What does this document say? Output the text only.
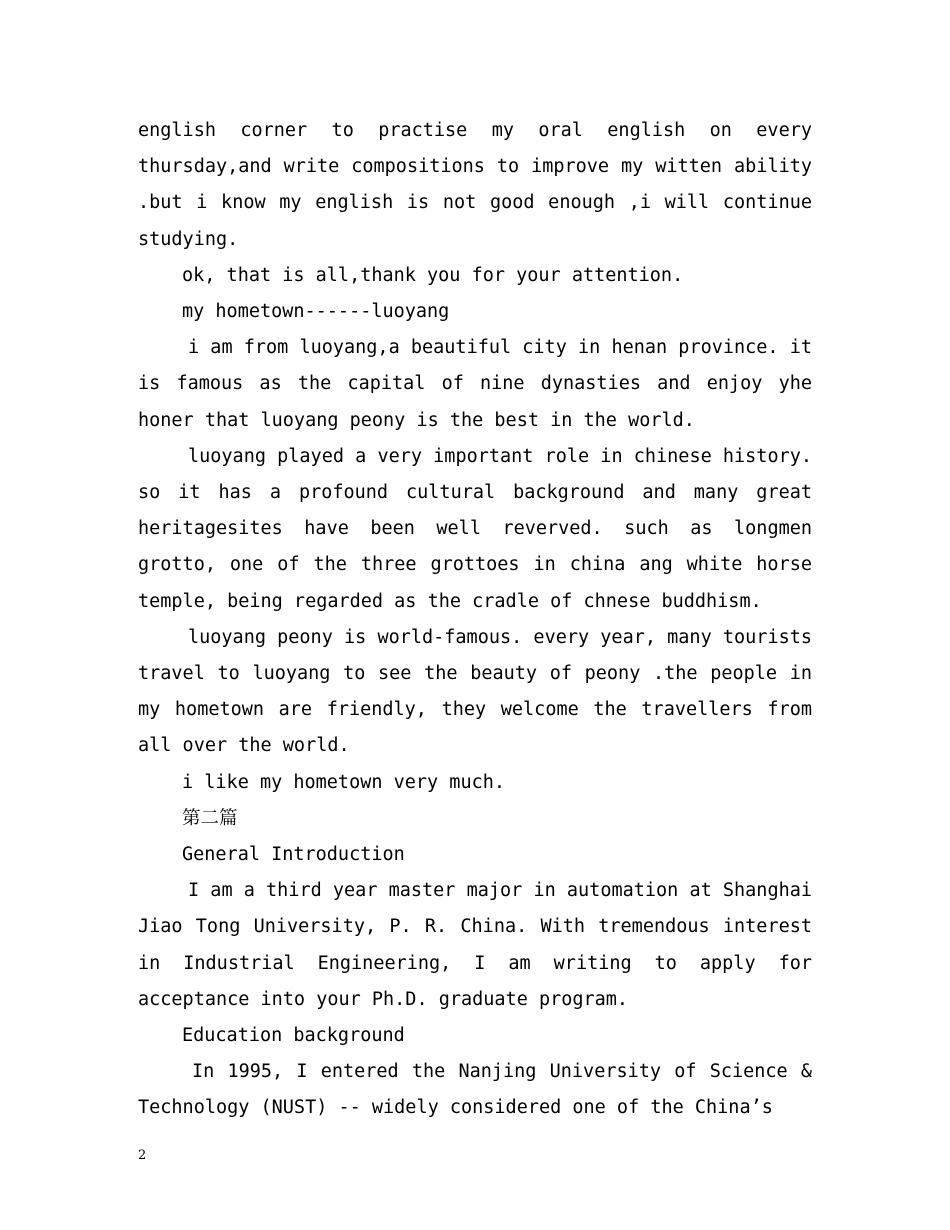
english corner to practise my oral english on every thursday,and write compositions to improve my witten ability .but i know my english is not good enough ,i will continue studying.

ok, that is all,thank you for your attention.

my hometown------luoyang

i am from luoyang,a beautiful city in henan province. it is famous as the capital of nine dynasties and enjoy yhe honer that luoyang peony is the best in the world.

luoyang played a very important role in chinese history. so it has a profound cultural background and many great heritagesites have been well reverved. such as longmen grotto, one of the three grottoes in china ang white horse temple, being regarded as the cradle of chnese buddhism.

luoyang peony is world-famous. every year, many tourists travel to luoyang to see the beauty of peony .the people in my hometown are friendly, they welcome the travellers from all over the world.

i like my hometown very much.

第二篇

General Introduction

I am a third year master major in automation at Shanghai Jiao Tong University, P. R. China. With tremendous interest in Industrial Engineering, I am writing to apply for acceptance into your Ph.D. graduate program.

Education background

In 1995, I entered the Nanjing University of Science & Technology (NUST) -- widely considered one of the China’s

2
